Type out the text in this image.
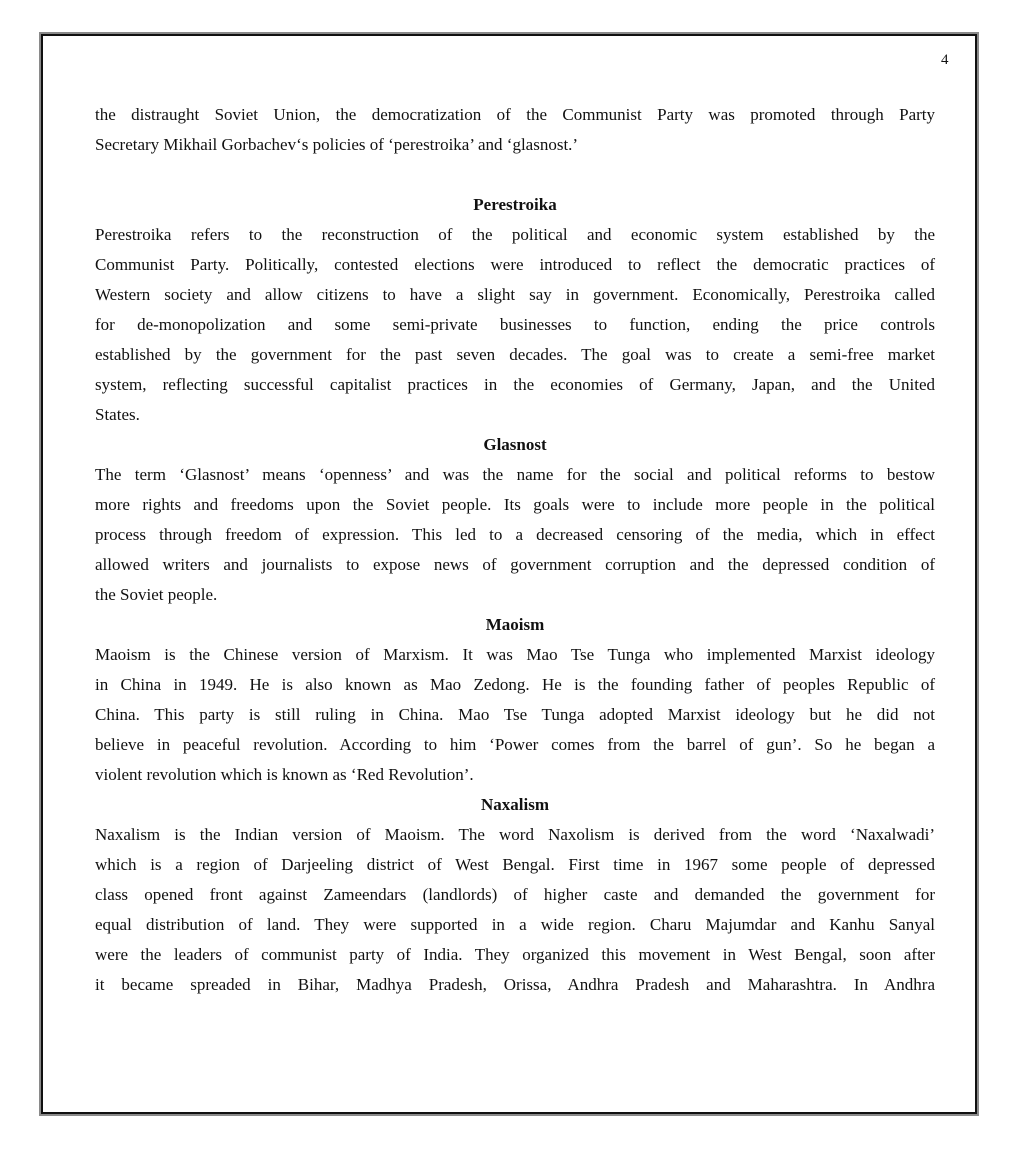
4
the distraught Soviet Union, the democratization of the Communist Party was promoted through Party
Secretary Mikhail Gorbachev‘s policies of ‘perestroika’ and ‘glasnost.’
Perestroika
Perestroika refers to the reconstruction of the political and economic system established by the
Communist Party. Politically, contested elections were introduced to reflect the democratic practices of
Western society and allow citizens to have a slight say in government. Economically, Perestroika called
for de-monopolization and some semi-private businesses to function, ending the price controls
established by the government for the past seven decades. The goal was to create a semi-free market
system, reflecting successful capitalist practices in the economies of Germany, Japan, and the United
States.
Glasnost
The term ‘Glasnost’ means ‘openness’ and was the name for the social and political reforms to bestow
more rights and freedoms upon the Soviet people. Its goals were to include more people in the political
process through freedom of expression. This led to a decreased censoring of the media, which in effect
allowed writers and journalists to expose news of government corruption and the depressed condition of
the Soviet people.
Maoism
Maoism is the Chinese version of Marxism. It was Mao Tse Tunga who implemented Marxist ideology
in China in 1949. He is also known as Mao Zedong. He is the founding father of peoples Republic of
China. This party is still ruling in China. Mao Tse Tunga adopted Marxist ideology but he did not
believe in peaceful revolution. According to him ‘Power comes from the barrel of gun’. So he began a
violent revolution which is known as ‘Red Revolution’.
Naxalism
Naxalism is the Indian version of Maoism. The word Naxolism is derived from the word ‘Naxalwadi’
which is a region of Darjeeling district of West Bengal. First time in 1967 some people of depressed
class opened front against Zameendars (landlords) of higher caste and demanded the government for
equal distribution of land. They were supported in a wide region. Charu Majumdar and Kanhu Sanyal
were the leaders of communist party of India. They organized this movement in West Bengal, soon after
it became spreaded in Bihar, Madhya Pradesh, Orissa, Andhra Pradesh and Maharashtra. In Andhra
